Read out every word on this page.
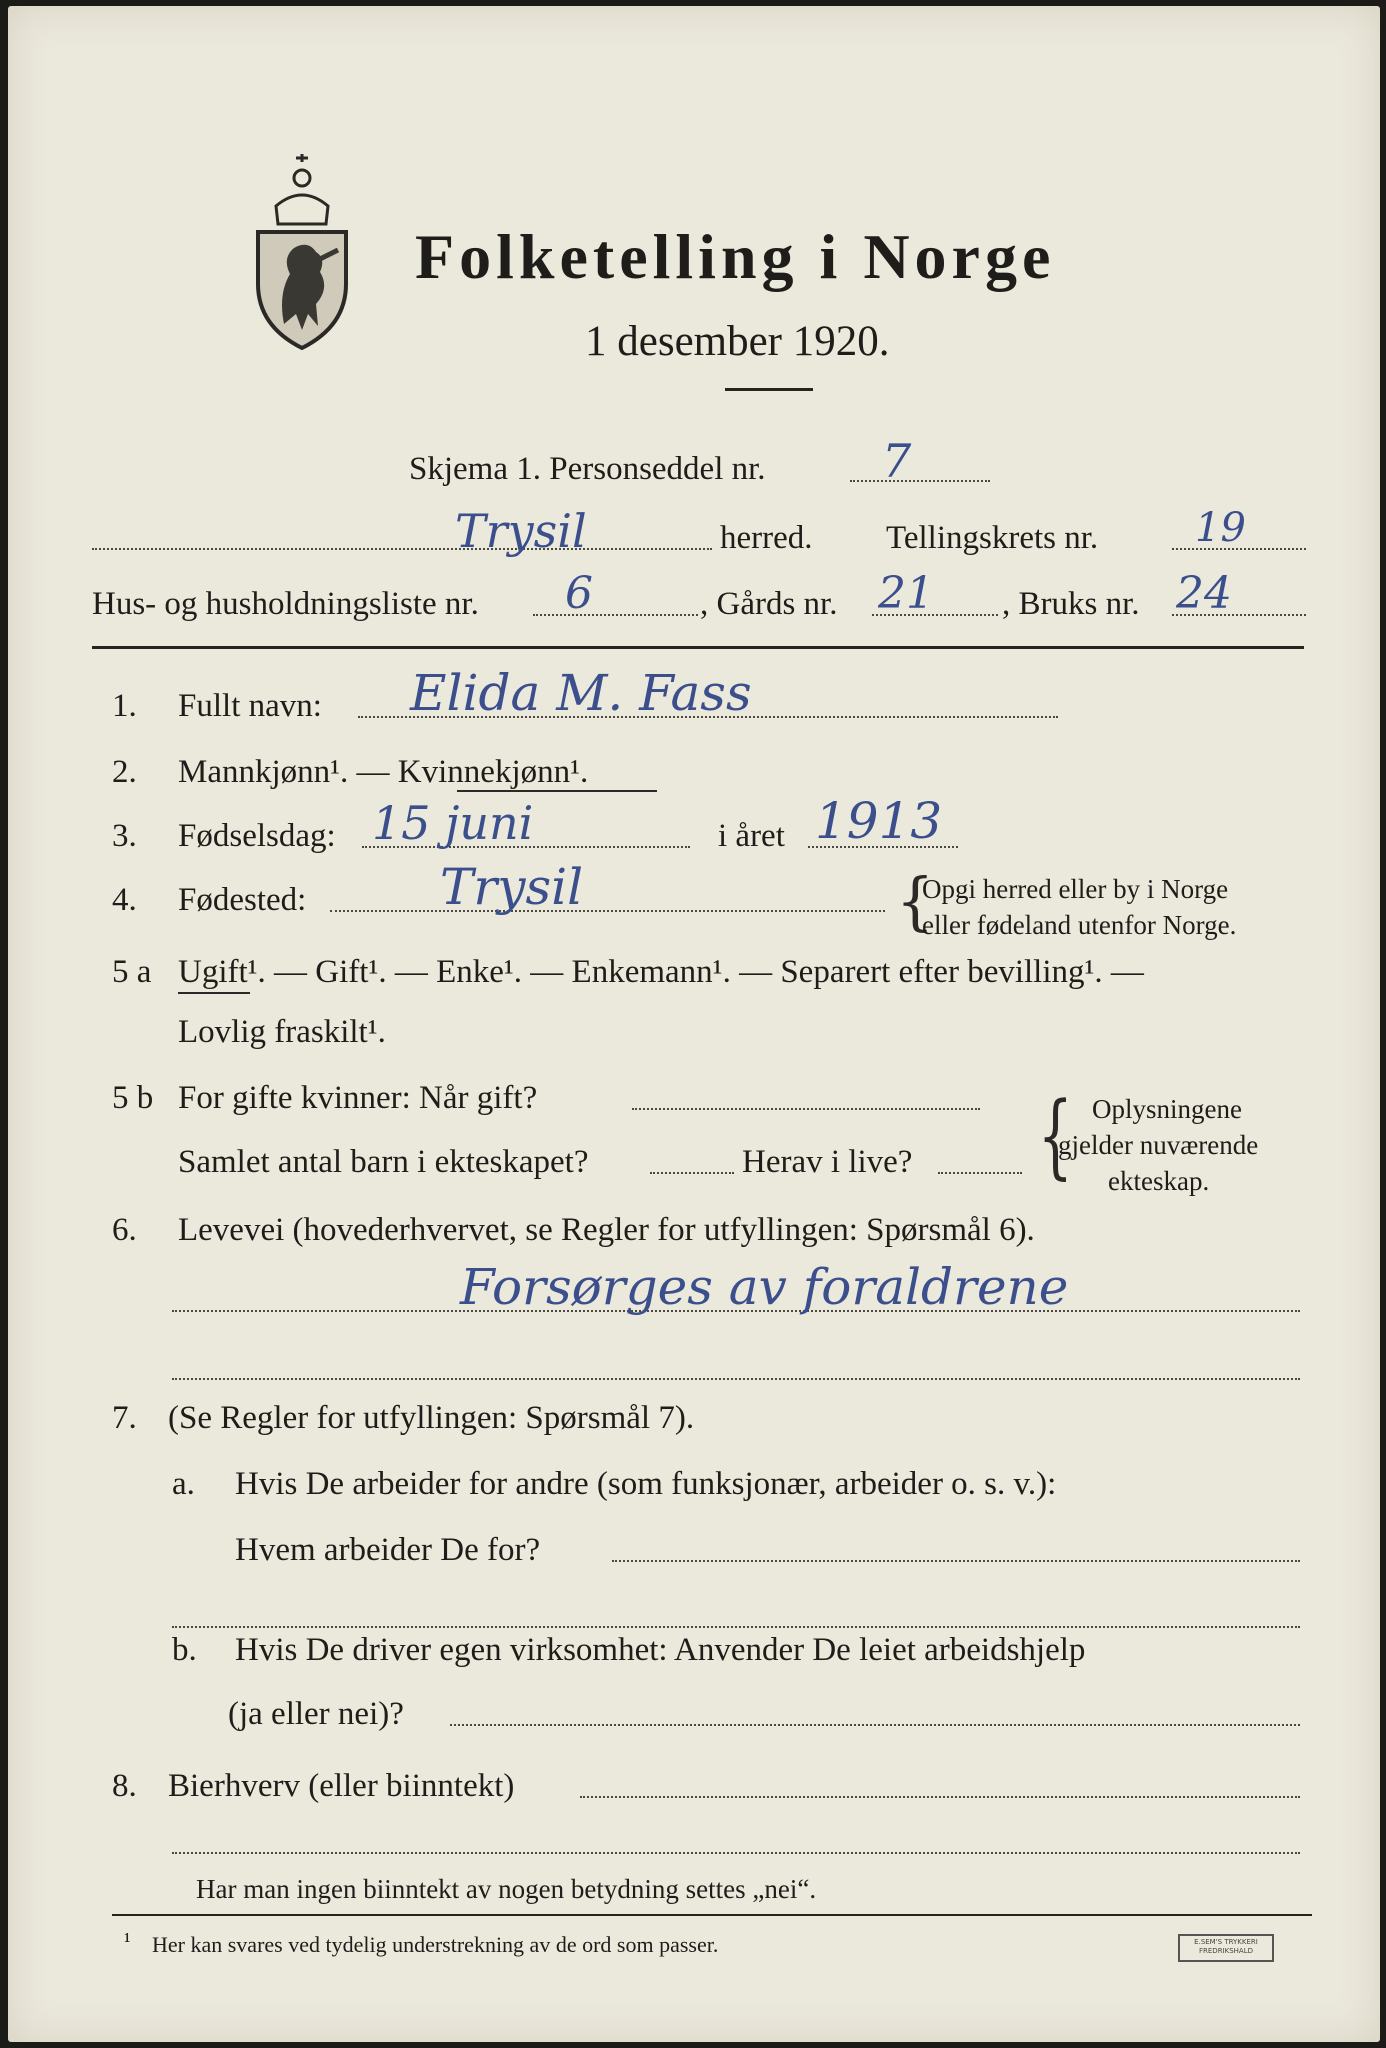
Folketelling i Norge
1 desember 1920.
Skjema 1. Personseddel nr.	7
Trysil	herred. Tellingskrets nr. 19
Hus- og husholdningsliste nr. 6	, Gårds nr. 21 , Bruks nr. 24
1. Fullt navn: Elida M. Fass
2. Mannkjønn¹. — Kvinnekjønn¹.
3. Fødselsdag: 15 juni	i året 1913
4. Fødested:	Trysil	{
Opgi herred eller by i Norge
eller fødeland utenfor Norge.
5 a Ugift¹. — Gift¹. — Enke¹. — Enkemann¹. — Separert efter bevilling¹. —
Lovlig fraskilt¹.
5 b For gifte kvinner: Når gift?
Samlet antal barn i ekteskapet?	Herav i live? { Oplysningene
gjelder nuværende
ekteskap.
6. Levevei (hovederhvervet, se Regler for utfyllingen: Spørsmål 6).
Forsørges av foraldrene
7. (Se Regler for utfyllingen: Spørsmål 7).
a. Hvis De arbeider for andre (som funksjonær, arbeider o. s. v.):
Hvem arbeider De for?
b. Hvis De driver egen virksomhet: Anvender De leiet arbeidshjelp
(ja eller nei)?
8. Bierhverv (eller biinntekt)
Har man ingen biinntekt av nogen betydning settes „nei“.
¹ Her kan svares ved tydelig understrekning av de ord som passer.	E.SEM'S TRYKKERI FREDRIKSHALD
